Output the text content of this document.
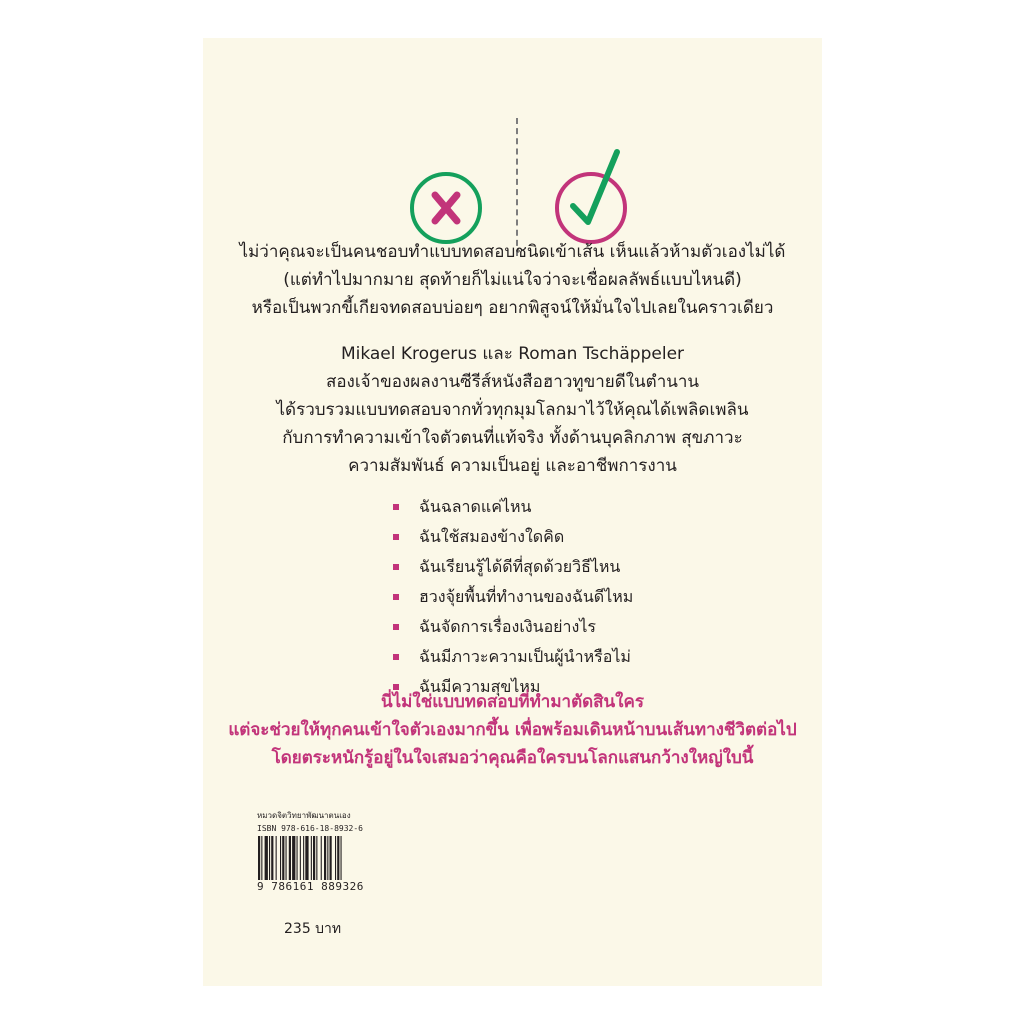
ไม่ว่าคุณจะเป็นคนชอบทำแบบทดสอบชนิดเข้าเส้น เห็นแล้วห้ามตัวเองไม่ได้
(แต่ทำไปมากมาย สุดท้ายก็ไม่แน่ใจว่าจะเชื่อผลลัพธ์แบบไหนดี)
หรือเป็นพวกขี้เกียจทดสอบบ่อยๆ อยากพิสูจน์ให้มั่นใจไปเลยในคราวเดียว

Mikael Krogerus และ Roman Tschäppeler
สองเจ้าของผลงานซีรีส์หนังสือฮาวทูขายดีในตำนาน
ได้รวบรวมแบบทดสอบจากทั่วทุกมุมโลกมาไว้ให้คุณได้เพลิดเพลิน
กับการทำความเข้าใจตัวตนที่แท้จริง ทั้งด้านบุคลิกภาพ สุขภาวะ
ความสัมพันธ์ ความเป็นอยู่ และอาชีพการงาน

ฉันฉลาดแค่ไหน
ฉันใช้สมองข้างใดคิด
ฉันเรียนรู้ได้ดีที่สุดด้วยวิธีไหน
ฮวงจุ้ยพื้นที่ทำงานของฉันดีไหม
ฉันจัดการเรื่องเงินอย่างไร
ฉันมีภาวะความเป็นผู้นำหรือไม่
ฉันมีความสุขไหม
นี่ไม่ใช่แบบทดสอบที่ทำมาตัดสินใคร
แต่จะช่วยให้ทุกคนเข้าใจตัวเองมากขึ้น เพื่อพร้อมเดินหน้าบนเส้นทางชีวิตต่อไป
โดยตระหนักรู้อยู่ในใจเสมอว่าคุณคือใครบนโลกแสนกว้างใหญ่ใบนี้
หมวดจิตวิทยาพัฒนาตนเอง
ISBN 978-616-18-8932-6
9 786161 889326
235 บาท
